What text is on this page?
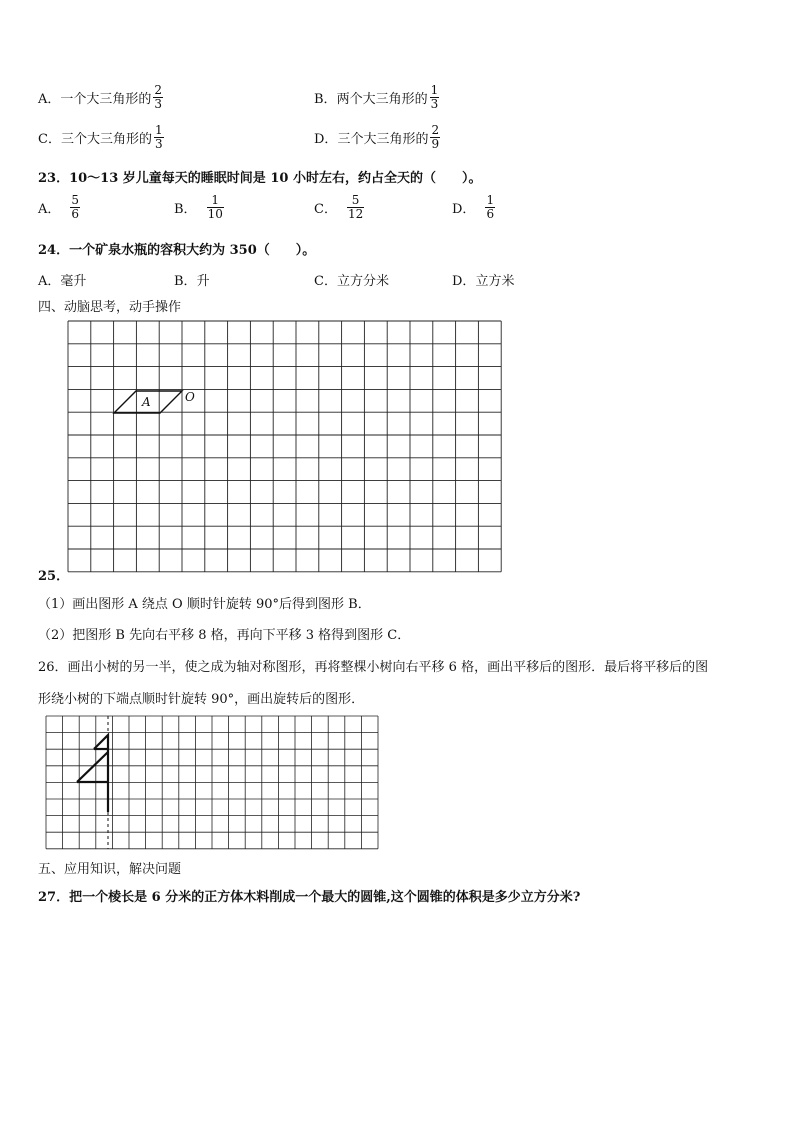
A． 一个大三角形的 $\frac{2}{3}$	B． 两个大三角形的 $\frac{1}{3}$
C． 三个大三角形的 $\frac{1}{3}$	D． 三个大三角形的 $\frac{2}{9}$
23．10～13 岁儿童每天的睡眠时间是 10 小时左右，约占全天的（　　）。
A． $\frac{5}{6}$	B． $\frac{1}{10}$	C． $\frac{5}{12}$	D． $\frac{1}{6}$
24．一个矿泉水瓶的容积大约为 350（　　）。
A．毫升	B．升	C．立方分米	D．立方米
四、动脑思考，动手操作
A	O
25．
（1）画出图形 A 绕点 O 顺时针旋转 90°后得到图形 B．
（2）把图形 B 先向右平移 8 格，再向下平移 3 格得到图形 C．
26．画出小树的另一半，使之成为轴对称图形，再将整棵小树向右平移 6 格，画出平移后的图形．最后将平移后的图
形绕小树的下端点顺时针旋转 90°，画出旋转后的图形．
五、应用知识，解决问题
27．把一个棱长是 6 分米的正方体木料削成一个最大的圆锥,这个圆锥的体积是多少立方分米?
